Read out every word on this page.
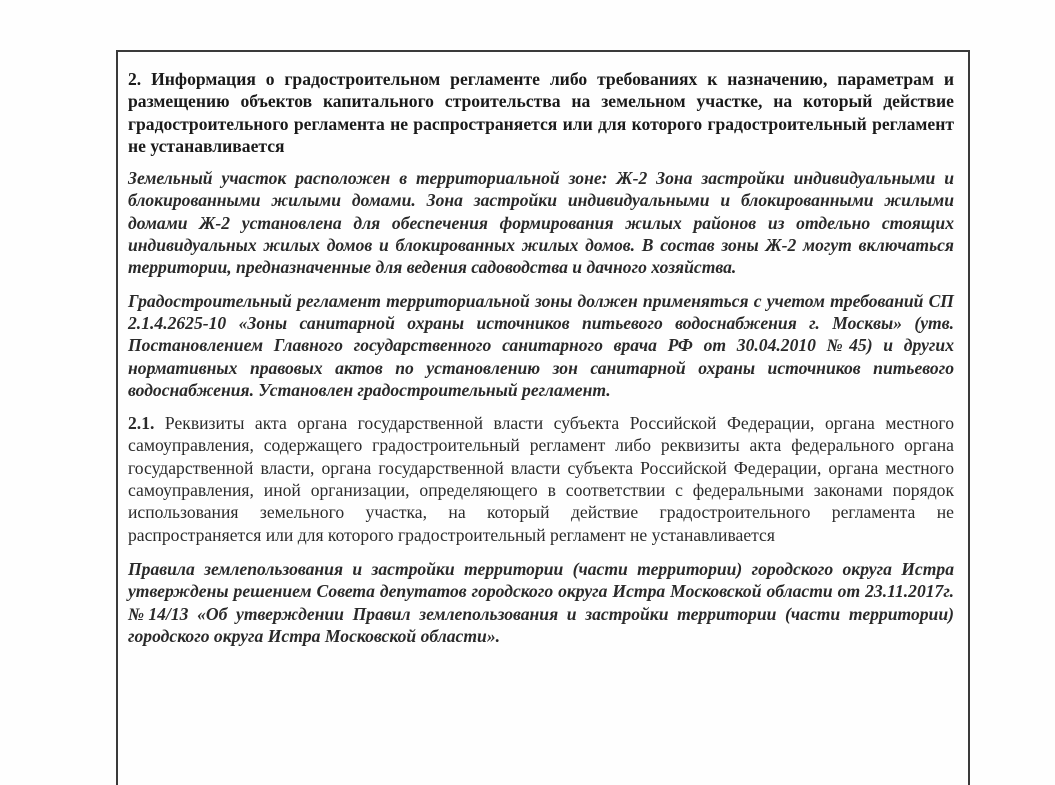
2. Информация о градостроительном регламенте либо требованиях к назначению, параметрам и размещению объектов капитального строительства на земельном участке, на который действие градостроительного регламента не распространяется или для которого градостроительный регламент не устанавливается

Земельный участок расположен в территориальной зоне: Ж-2 Зона застройки индивидуальными и блокированными жилыми домами. Зона застройки индивидуальными и блокированными жилыми домами Ж-2 установлена для обеспечения формирования жилых районов из отдельно стоящих индивидуальных жилых домов и блокированных жилых домов. В состав зоны Ж-2 могут включаться территории, предназначенные для ведения садоводства и дачного хозяйства.

Градостроительный регламент территориальной зоны должен применяться с учетом требований СП 2.1.4.2625-10 «Зоны санитарной охраны источников питьевого водоснабжения г. Москвы» (утв. Постановлением Главного государственного санитарного врача РФ от 30.04.2010 №45) и других нормативных правовых актов по установлению зон санитарной охраны источников питьевого водоснабжения. Установлен градостроительный регламент.

2.1. Реквизиты акта органа государственной власти субъекта Российской Федерации, органа местного самоуправления, содержащего градостроительный регламент либо реквизиты акта федерального органа государственной власти, органа государственной власти субъекта Российской Федерации, органа местного самоуправления, иной организации, определяющего в соответствии с федеральными законами порядок использования земельного участка, на который действие градостроительного регламента не распространяется или для которого градостроительный регламент не устанавливается

Правила землепользования и застройки территории (части территории) городского округа Истра утверждены решением Совета депутатов городского округа Истра Московской области от 23.11.2017г. №14/13 «Об утверждении Правил землепользования и застройки территории (части территории) городского округа Истра Московской области».
